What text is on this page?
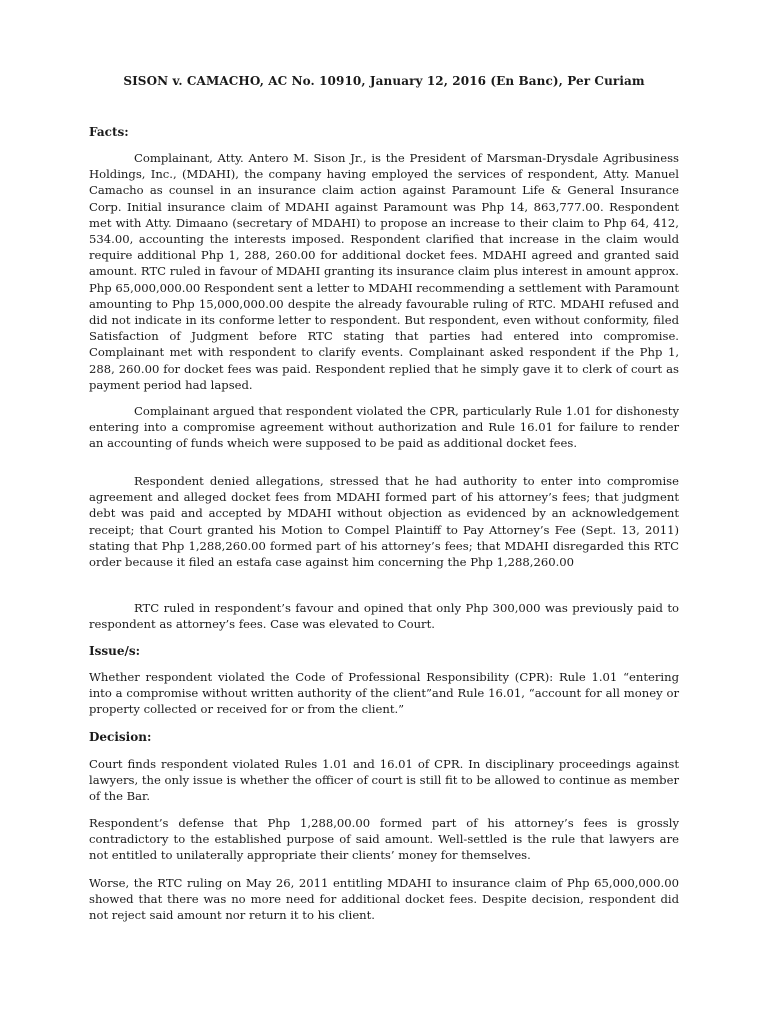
SISON v. CAMACHO, AC No. 10910, January 12, 2016 (En Banc), Per Curiam
Facts:

Complainant, Atty. Antero M. Sison Jr., is the President of Marsman-Drysdale Agribusiness Holdings, Inc., (MDAHI), the company having employed the services of respondent, Atty. Manuel Camacho as counsel in an insurance claim action against Paramount Life & General Insurance Corp. Initial insurance claim of MDAHI against Paramount was Php 14, 863,777.00. Respondent met with Atty. Dimaano (secretary of MDAHI) to propose an increase to their claim to Php 64, 412, 534.00, accounting the interests imposed. Respondent clarified that increase in the claim would require additional Php 1, 288, 260.00 for additional docket fees. MDAHI agreed and granted said amount. RTC ruled in favour of MDAHI granting its insurance claim plus interest in amount approx. Php 65,000,000.00 Respondent sent a letter to MDAHI recommending a settlement with Paramount amounting to Php 15,000,000.00 despite the already favourable ruling of RTC. MDAHI refused and did not indicate in its conforme letter to respondent. But respondent, even without conformity, filed Satisfaction of Judgment before RTC stating that parties had entered into compromise. Complainant met with respondent to clarify events. Complainant asked respondent if the Php 1, 288, 260.00 for docket fees was paid. Respondent replied that he simply gave it to clerk of court as payment period had lapsed.

Complainant argued that respondent violated the CPR, particularly Rule 1.01 for dishonesty entering into a compromise agreement without authorization and Rule 16.01 for failure to render an accounting of funds wheich were supposed to be paid as additional docket fees.

Respondent denied allegations, stressed that he had authority to enter into compromise agreement and alleged docket fees from MDAHI formed part of his attorney’s fees; that judgment debt was paid and accepted by MDAHI without objection as evidenced by an acknowledgement receipt; that Court granted his Motion to Compel Plaintiff to Pay Attorney’s Fee (Sept. 13, 2011) stating that Php 1,288,260.00 formed part of his attorney’s fees; that MDAHI disregarded this RTC order because it filed an estafa case against him concerning the Php 1,288,260.00

RTC ruled in respondent’s favour and opined that only Php 300,000 was previously paid to respondent as attorney’s fees. Case was elevated to Court.

Issue/s:

Whether respondent violated the Code of Professional Responsibility (CPR): Rule 1.01 “entering into a compromise without written authority of the client”and Rule 16.01, “account for all money or property collected or received for or from the client.”

Decision:

Court finds respondent violated Rules 1.01 and 16.01 of CPR. In disciplinary proceedings against lawyers, the only issue is whether the officer of court is still fit to be allowed to continue as member of the Bar.

Respondent’s defense that Php 1,288,00.00 formed part of his attorney’s fees is grossly contradictory to the established purpose of said amount. Well-settled is the rule that lawyers are not entitled to unilaterally appropriate their clients’ money for themselves.

Worse, the RTC ruling on May 26, 2011 entitling MDAHI to insurance claim of Php 65,000,000.00 showed that there was no more need for additional docket fees. Despite decision, respondent did not reject said amount nor return it to his client.
